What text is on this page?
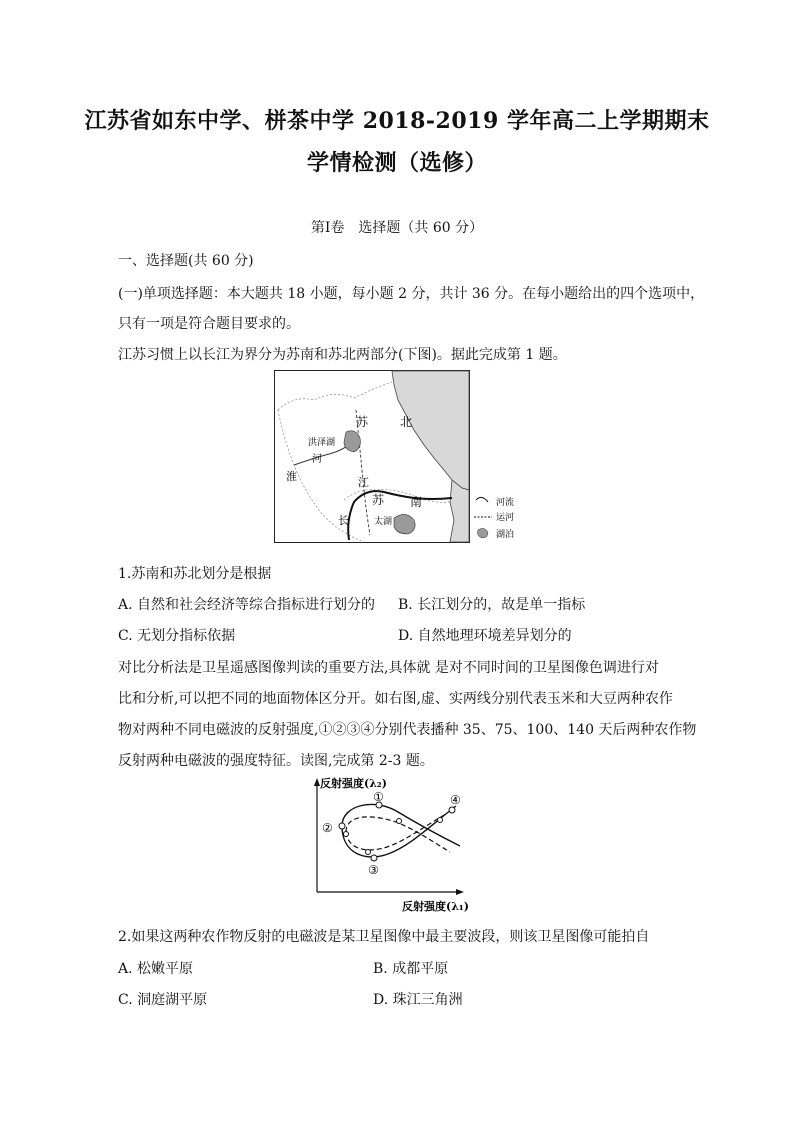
江苏省如东中学、栟茶中学 2018-2019 学年高二上学期期末
学情检测（选修）
第Ⅰ卷　选择题（共 60 分）
一、选择题(共 60 分)
(一)单项选择题：本大题共 18 小题，每小题 2 分，共计 36 分。在每小题给出的四个选项中，
只有一项是符合题目要求的。
江苏习惯上以长江为界分为苏南和苏北两部分(下图)。据此完成第 1 题。
苏	北
洪泽湖
河
淮	江
苏 南
长	太湖
河流
运河
湖泊
1.苏南和苏北划分是根据
A. 自然和社会经济等综合指标进行划分的 B. 长江划分的，故是单一指标
C. 无划分指标依据	D. 自然地理环境差异划分的
对比分析法是卫星遥感图像判读的重要方法,具体就 是对不同时间的卫星图像色调进行对
比和分析,可以把不同的地面物体区分开。如右图,虚、实两线分别代表玉米和大豆两种农作
物对两种不同电磁波的反射强度,①②③④分别代表播种 35、75、100、140 天后两种农作物
反射两种电磁波的强度特征。读图,完成第 2-3 题。
反射强度(λ₂)
反射强度(λ₁)
①
②
③
④
2.如果这两种农作物反射的电磁波是某卫星图像中最主要波段，则该卫星图像可能拍自
A. 松嫩平原	B. 成都平原
C. 洞庭湖平原	D. 珠江三角洲
